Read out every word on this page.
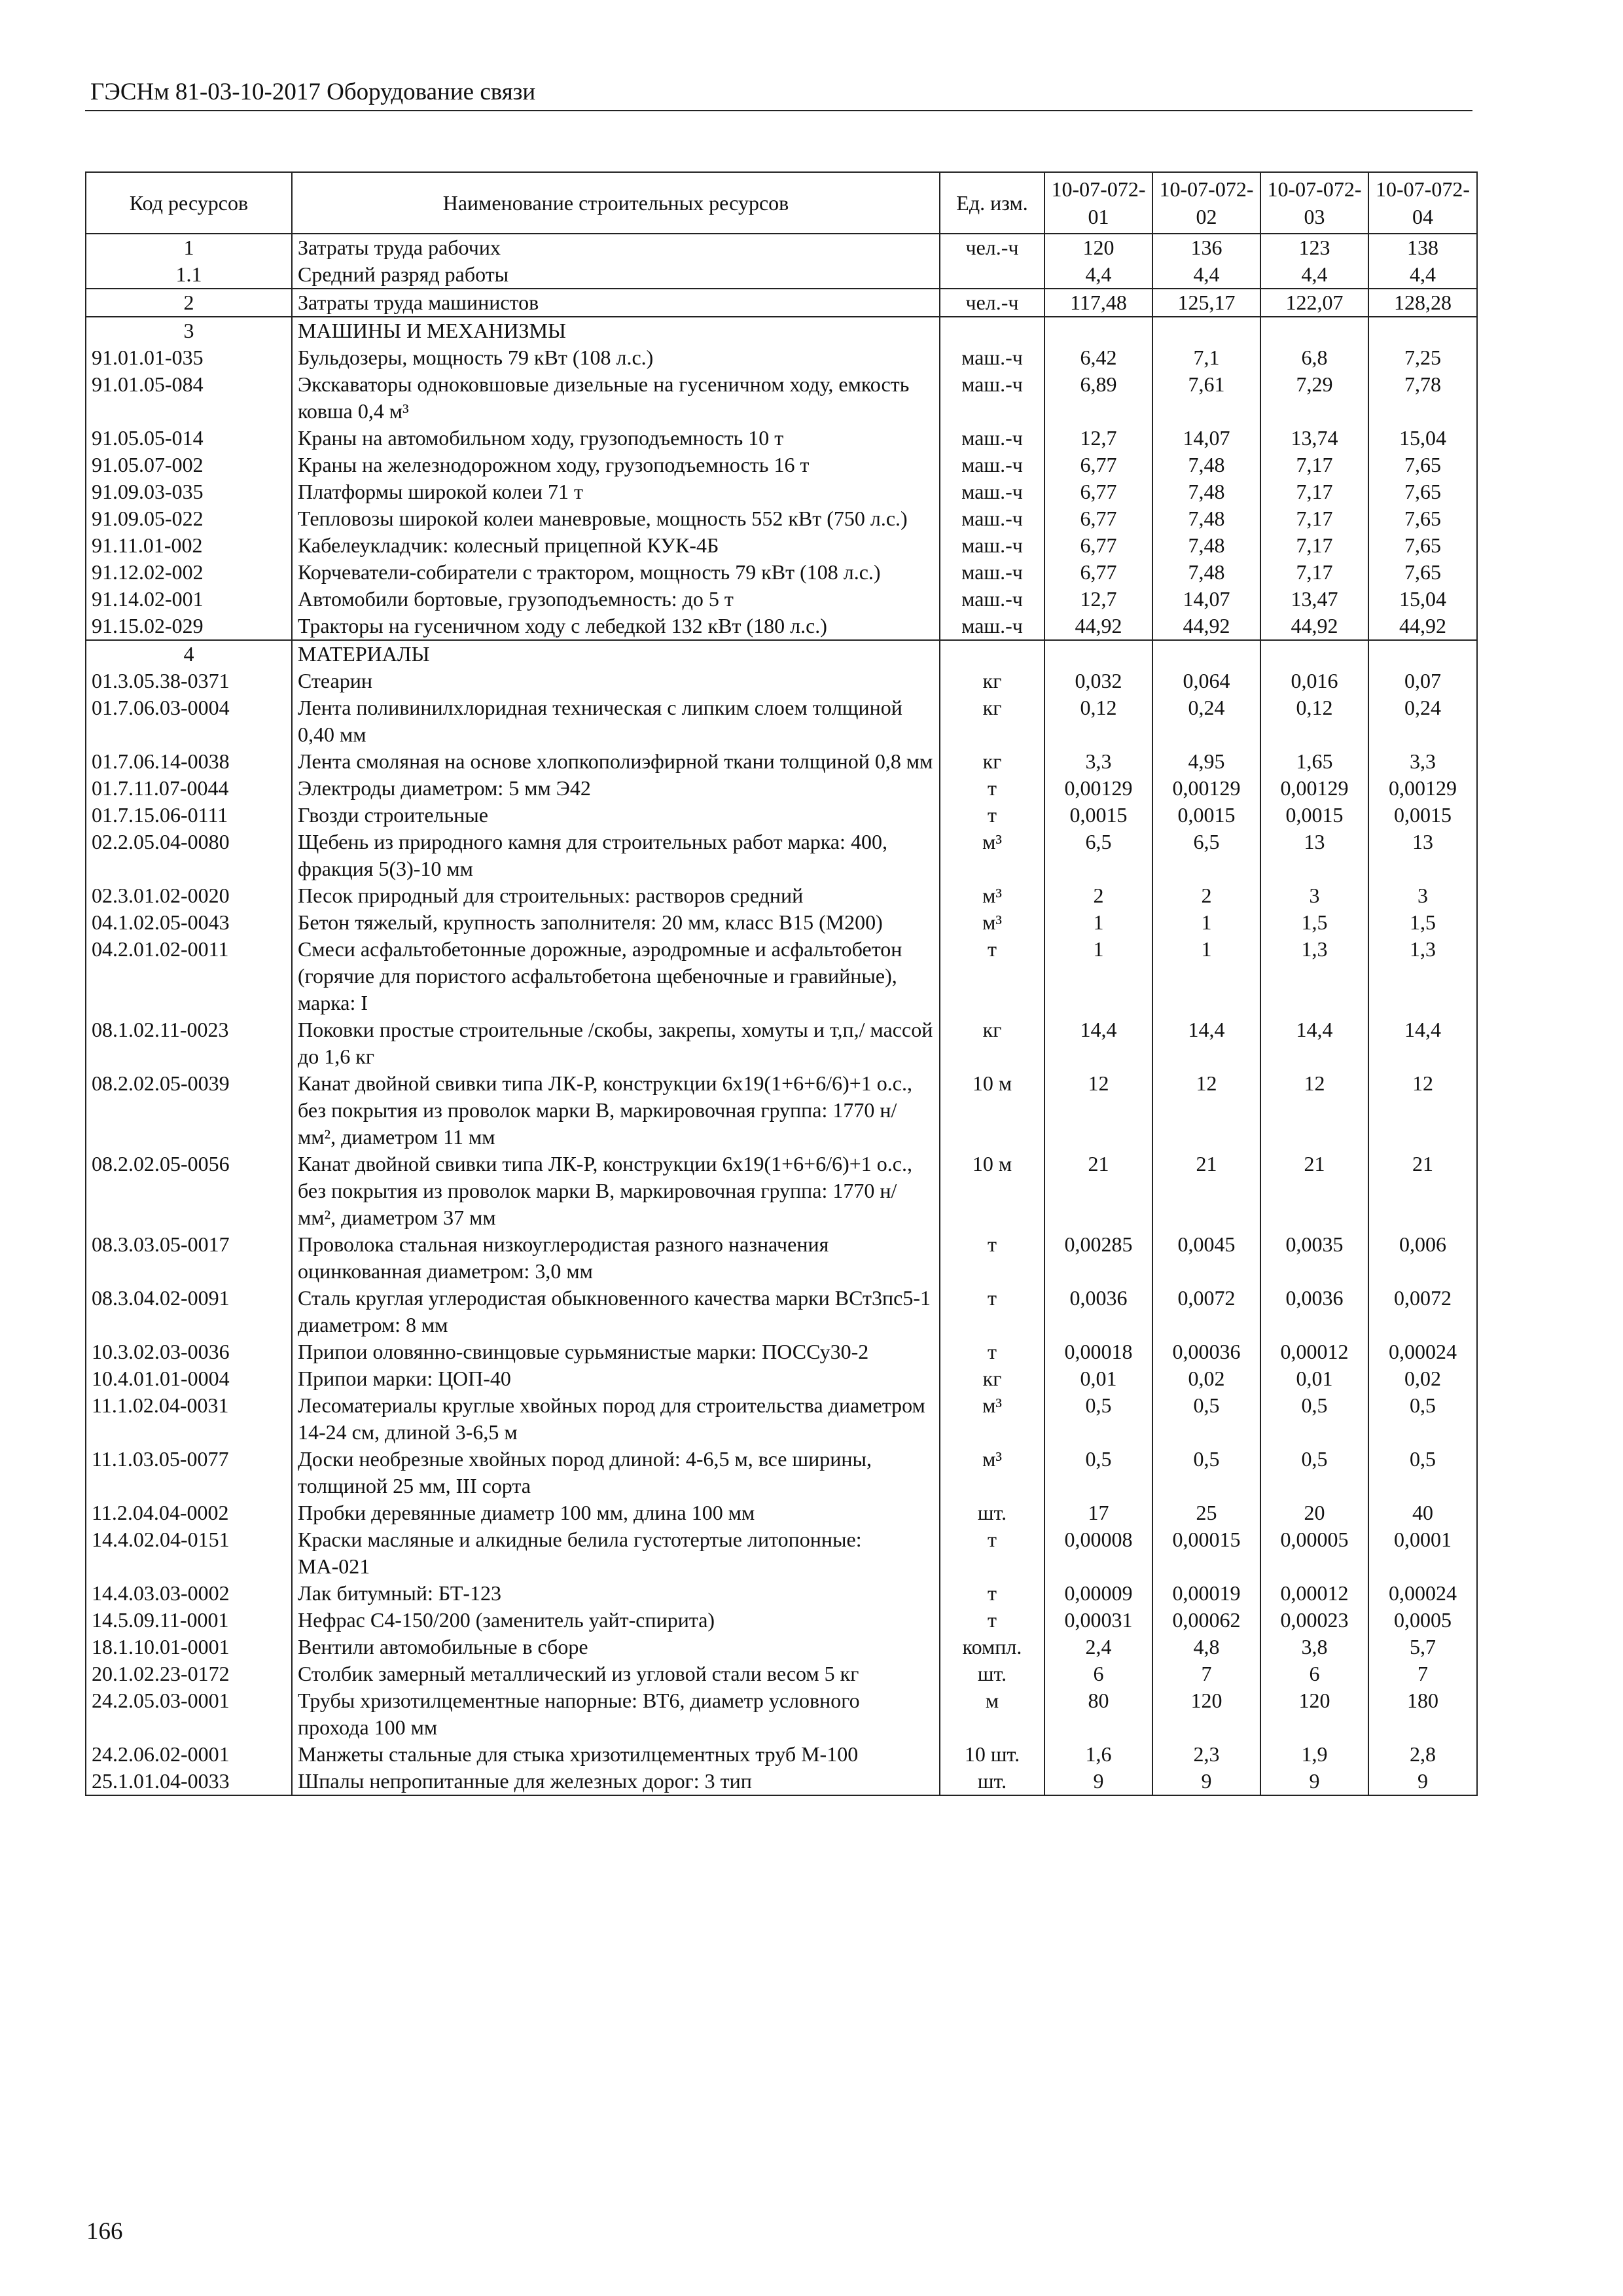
ГЭСНм 81-03-10-2017 Оборудование связи
Код ресурсов	Наименование строительных ресурсов	Ед. изм.	10-07-072-01	10-07-072-02	10-07-072-03	10-07-072-04
1	Затраты труда рабочих	чел.-ч	120	136	123	138
1.1	Средний разряд работы		4,4	4,4	4,4	4,4
2	Затраты труда машинистов	чел.-ч	117,48	125,17	122,07	128,28
3	МАШИНЫ И МЕХАНИЗМЫ					
91.01.01-035	Бульдозеры, мощность 79 кВт (108 л.с.)	маш.-ч	6,42	7,1	6,8	7,25
91.01.05-084	Экскаваторы одноковшовые дизельные на гусеничном ходу, емкость ковша 0,4 м³	маш.-ч	6,89	7,61	7,29	7,78
91.05.05-014	Краны на автомобильном ходу, грузоподъемность 10 т	маш.-ч	12,7	14,07	13,74	15,04
91.05.07-002	Краны на железнодорожном ходу, грузоподъемность 16 т	маш.-ч	6,77	7,48	7,17	7,65
91.09.03-035	Платформы широкой колеи 71 т	маш.-ч	6,77	7,48	7,17	7,65
91.09.05-022	Тепловозы широкой колеи маневровые, мощность 552 кВт (750 л.с.)	маш.-ч	6,77	7,48	7,17	7,65
91.11.01-002	Кабелеукладчик: колесный прицепной КУК-4Б	маш.-ч	6,77	7,48	7,17	7,65
91.12.02-002	Корчеватели-собиратели с трактором, мощность 79 кВт (108 л.с.)	маш.-ч	6,77	7,48	7,17	7,65
91.14.02-001	Автомобили бортовые, грузоподъемность: до 5 т	маш.-ч	12,7	14,07	13,47	15,04
91.15.02-029	Тракторы на гусеничном ходу с лебедкой 132 кВт (180 л.с.)	маш.-ч	44,92	44,92	44,92	44,92
4	МАТЕРИАЛЫ					
01.3.05.38-0371	Стеарин	кг	0,032	0,064	0,016	0,07
01.7.06.03-0004	Лента поливинилхлоридная техническая с липким слоем толщиной 0,40 мм	кг	0,12	0,24	0,12	0,24
01.7.06.14-0038	Лента смоляная на основе хлопкополиэфирной ткани толщиной 0,8 мм	кг	3,3	4,95	1,65	3,3
01.7.11.07-0044	Электроды диаметром: 5 мм Э42	т	0,00129	0,00129	0,00129	0,00129
01.7.15.06-0111	Гвозди строительные	т	0,0015	0,0015	0,0015	0,0015
02.2.05.04-0080	Щебень из природного камня для строительных работ марка: 400, фракция 5(3)-10 мм	м³	6,5	6,5	13	13
02.3.01.02-0020	Песок природный для строительных: растворов средний	м³	2	2	3	3
04.1.02.05-0043	Бетон тяжелый, крупность заполнителя: 20 мм, класс В15 (М200)	м³	1	1	1,5	1,5
04.2.01.02-0011	Смеси асфальтобетонные дорожные, аэродромные и асфальтобетон (горячие для пористого асфальтобетона щебеночные и гравийные), марка: I	т	1	1	1,3	1,3
08.1.02.11-0023	Поковки простые строительные /скобы, закрепы, хомуты и т,п,/ массой до 1,6 кг	кг	14,4	14,4	14,4	14,4
08.2.02.05-0039	Канат двойной свивки типа ЛК-Р, конструкции 6х19(1+6+6/6)+1 о.с., без покрытия из проволок марки В, маркировочная группа: 1770 н/мм², диаметром 11 мм	10 м	12	12	12	12
08.2.02.05-0056	Канат двойной свивки типа ЛК-Р, конструкции 6х19(1+6+6/6)+1 о.с., без покрытия из проволок марки В, маркировочная группа: 1770 н/мм², диаметром 37 мм	10 м	21	21	21	21
08.3.03.05-0017	Проволока стальная низкоуглеродистая разного назначения оцинкованная диаметром: 3,0 мм	т	0,00285	0,0045	0,0035	0,006
08.3.04.02-0091	Сталь круглая углеродистая обыкновенного качества марки ВСт3пс5-1 диаметром: 8 мм	т	0,0036	0,0072	0,0036	0,0072
10.3.02.03-0036	Припои оловянно-свинцовые сурьмянистые марки: ПОССу30-2	т	0,00018	0,00036	0,00012	0,00024
10.4.01.01-0004	Припои марки: ЦОП-40	кг	0,01	0,02	0,01	0,02
11.1.02.04-0031	Лесоматериалы круглые хвойных пород для строительства диаметром 14-24 см, длиной 3-6,5 м	м³	0,5	0,5	0,5	0,5
11.1.03.05-0077	Доски необрезные хвойных пород длиной: 4-6,5 м, все ширины, толщиной 25 мм, III сорта	м³	0,5	0,5	0,5	0,5
11.2.04.04-0002	Пробки деревянные диаметр 100 мм, длина 100 мм	шт.	17	25	20	40
14.4.02.04-0151	Краски масляные и алкидные белила густотертые литопонные: МА-021	т	0,00008	0,00015	0,00005	0,0001
14.4.03.03-0002	Лак битумный: БТ-123	т	0,00009	0,00019	0,00012	0,00024
14.5.09.11-0001	Нефрас С4-150/200 (заменитель уайт-спирита)	т	0,00031	0,00062	0,00023	0,0005
18.1.10.01-0001	Вентили автомобильные в сборе	компл.	2,4	4,8	3,8	5,7
20.1.02.23-0172	Столбик замерный металлический из угловой стали весом 5 кг	шт.	6	7	6	7
24.2.05.03-0001	Трубы хризотилцементные напорные: ВТ6, диаметр условного прохода 100 мм	м	80	120	120	180
24.2.06.02-0001	Манжеты стальные для стыка хризотилцементных труб М-100	10 шт.	1,6	2,3	1,9	2,8
25.1.01.04-0033	Шпалы непропитанные для железных дорог: 3 тип	шт.	9	9	9	9
166
